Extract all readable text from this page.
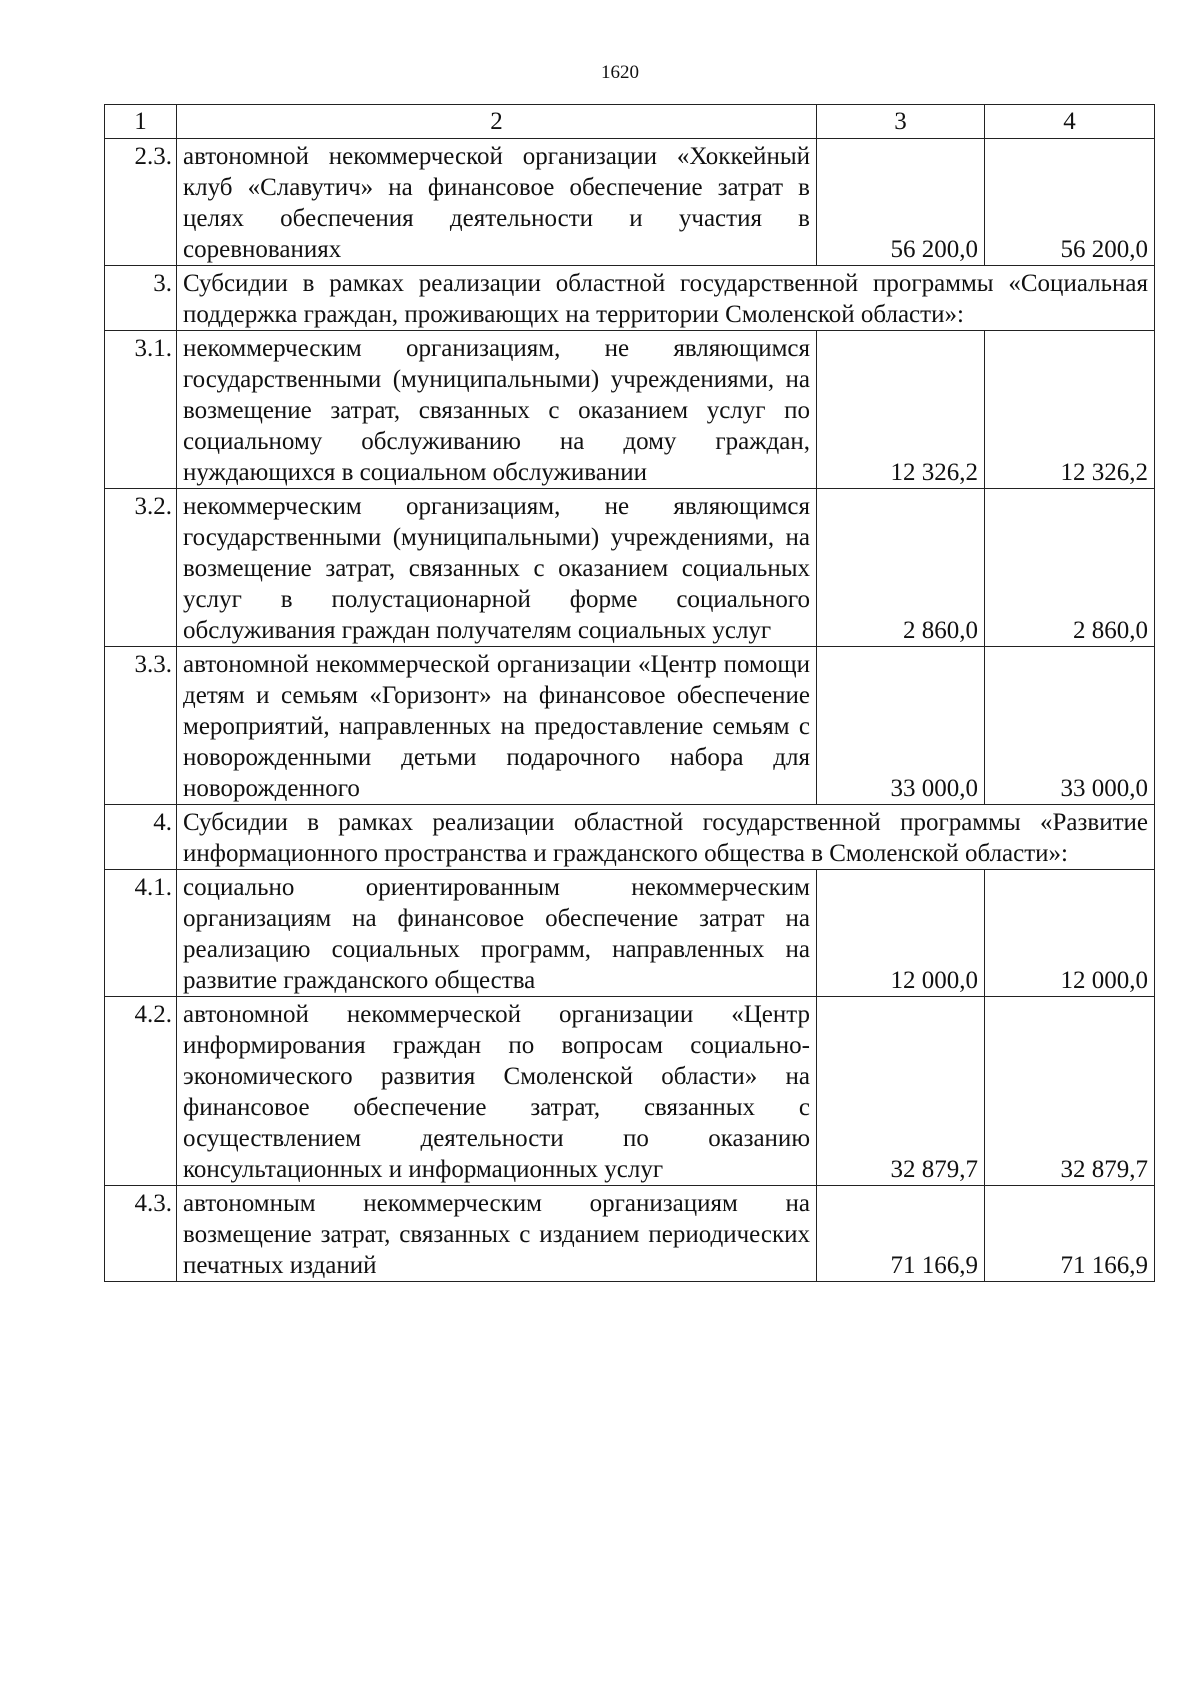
1620
1	2	3	4
2.3.	автономной некоммерческой организации «Хоккейный клуб «Славутич» на финансовое обеспечение затрат в целях обеспечения деятельности и участия в соревнованиях	56 200,0	56 200,0
3.	Субсидии в рамках реализации областной государственной программы «Социальная поддержка граждан, проживающих на территории Смоленской области»:		
3.1.	некоммерческим организациям, не являющимся государственными (муниципальными) учреждениями, на возмещение затрат, связанных с оказанием услуг по социальному обслуживанию на дому граждан, нуждающихся в социальном обслуживании	12 326,2	12 326,2
3.2.	некоммерческим организациям, не являющимся государственными (муниципальными) учреждениями, на возмещение затрат, связанных с оказанием социальных услуг в полустационарной форме социального обслуживания граждан получателям социальных услуг	2 860,0	2 860,0
3.3.	автономной некоммерческой организации «Центр помощи детям и семьям «Горизонт» на финансовое обеспечение мероприятий, направленных на предоставление семьям с новорожденными детьми подарочного набора для новорожденного	33 000,0	33 000,0
4.	Субсидии в рамках реализации областной государственной программы «Развитие информационного пространства и гражданского общества в Смоленской области»:		
4.1.	социально ориентированным некоммерческим организациям на финансовое обеспечение затрат на реализацию социальных программ, направленных на развитие гражданского общества	12 000,0	12 000,0
4.2.	автономной некоммерческой организации «Центр информирования граждан по вопросам социально-экономического развития Смоленской области» на финансовое обеспечение затрат, связанных с осуществлением деятельности по оказанию консультационных и информационных услуг	32 879,7	32 879,7
4.3.	автономным некоммерческим организациям на возмещение затрат, связанных с изданием периодических печатных изданий	71 166,9	71 166,9
